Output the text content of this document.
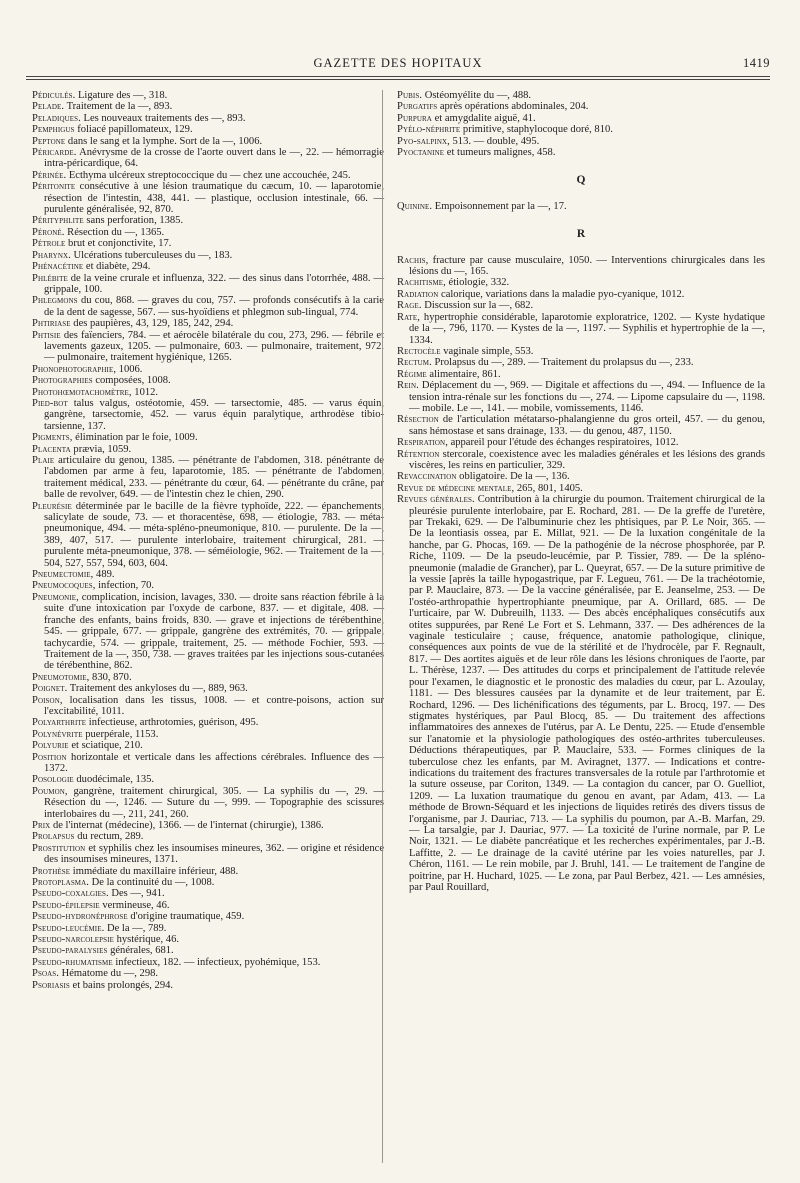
GAZETTE DES HOPITAUX	1419

Pédiculés. Ligature des —, 318.

Pelade. Traitement de la —, 893.

Peladiques. Les nouveaux traitements des —, 893.

Pemphigus foliacé papillomateux, 129.

Peptone dans le sang et la lymphe. Sort de la —, 1006.

Péricarde. Anévrysme de la crosse de l'aorte ouvert dans le —, 22. — hémorragie intra-péricardique, 64.

Périnée. Ecthyma ulcéreux streptococcique du — chez une accouchée, 245.

Péritonite consécutive à une lésion traumatique du cæcum, 10. — laparotomie, résection de l'intestin, 438, 441. — plastique, occlusion intestinale, 66. — purulente généralisée, 92, 870.

Pérityphlite sans perforation, 1385.

Péroné. Résection du —, 1365.

Pétrole brut et conjonctivite, 17.

Pharynx. Ulcérations tuberculeuses du —, 183.

Phénacétine et diabète, 294.

Phlébite de la veine crurale et influenza, 322. — des sinus dans l'otorrhée, 488. — grippale, 100.

Phlegmons du cou, 868. — graves du cou, 757. — profonds consécutifs à la carie de la dent de sagesse, 567. — sus-hyoïdiens et phlegmon sub-lingual, 774.

Phtiriase des paupières, 43, 129, 185, 242, 294.

Phtisie des faïenciers, 784. — et aérocèle bilatérale du cou, 273, 296. — fébrile et lavements gazeux, 1205. — pulmonaire, 603. — pulmonaire, traitement, 972. — pulmonaire, traitement hygiénique, 1265.

Phonophotographie, 1006.

Photographies composées, 1008.

Photohœmotachomètre, 1012.

Pied-bot talus valgus, ostéotomie, 459. — tarsectomie, 485. — varus équin, gangrène, tarsectomie, 452. — varus équin paralytique, arthrodèse tibio-tarsienne, 137.

Pigments, élimination par le foie, 1009.

Placenta prævia, 1059.

Plaie articulaire du genou, 1385. — pénétrante de l'abdomen, 318. pénétrante de l'abdomen par arme à feu, laparotomie, 185. — pénétrante de l'abdomen, traitement médical, 233. — pénétrante du cœur, 64. — pénétrante du crâne, par balle de revolver, 649. — de l'intestin chez le chien, 290.

Pleurésie déterminée par le bacille de la fièvre typhoïde, 222. — épanchements, salicylate de soude, 73. — et thoracentèse, 698, — étiologie, 783. — méta-pneumonique, 494. — méta-spléno-pneumonique, 810. — purulente. De la —, 389, 407, 517. — purulente interlobaire, traitement chirurgical, 281. — purulente méta-pneumonique, 378. — séméiologie, 962. — Traitement de la —, 504, 527, 557, 594, 603, 604.

Pneumectomie, 489.

Pneumocoques, infection, 70.

Pneumonie, complication, incision, lavages, 330. — droite sans réaction fébrile à la suite d'une intoxication par l'oxyde de carbone, 837. — et digitale, 408. — franche des enfants, bains froids, 830. — grave et injections de térébenthine, 545. — grippale, 677. — grippale, gangrène des extrémités, 70. — grippale, tachycardie, 574. — grippale, traitement, 25. — méthode Fochier, 593. — Traitement de la —, 350, 738. — graves traitées par les injections sous-cutanées de térébenthine, 862.

Pneumotomie, 830, 870.

Poignet. Traitement des ankyloses du —, 889, 963.

Poison, localisation dans les tissus, 1008. — et contre-poisons, action sur l'excitabilité, 1011.

Polyarthrite infectieuse, arthrotomies, guérison, 495.

Polynévrite puerpérale, 1153.

Polyurie et sciatique, 210.

Position horizontale et verticale dans les affections cérébrales. Influence des — 1372.

Posologie duodécimale, 135.

Poumon, gangrène, traitement chirurgical, 305. — La syphilis du —, 29. — Résection du —, 1246. — Suture du —, 999. — Topographie des scissures interlobaires du —, 211, 241, 260.

Prix de l'internat (médecine), 1366. — de l'internat (chirurgie), 1386.

Prolapsus du rectum, 289.

Prostitution et syphilis chez les insoumises mineures, 362. — origine et résidence des insoumises mineures, 1371.

Prothèse immédiate du maxillaire inférieur, 488.

Protoplasma. De la continuité du —, 1008.

Pseudo-coxalgies. Des —, 941.

Pseudo-épilepsie vermineuse, 46.

Pseudo-hydronéphrose d'origine traumatique, 459.

Pseudo-leucémie. De la —, 789.

Pseudo-narcolepsie hystérique, 46.

Pseudo-paralysies générales, 681.

Pseudo-rhumatisme infectieux, 182. — infectieux, pyohémique, 153.

Psoas. Hématome du —, 298.

Psoriasis et bains prolongés, 294.

Pubis. Ostéomyélite du —, 488.

Purgatifs après opérations abdominales, 204.

Purpura et amygdalite aiguë, 41.

Pyélo-néphrite primitive, staphylocoque doré, 810.

Pyo-salpinx, 513. — double, 495.

Pyoctanine et tumeurs malignes, 458.

Q

Quinine. Empoisonnement par la —, 17.

R

Rachis, fracture par cause musculaire, 1050. — Interventions chirurgicales dans les lésions du —, 165.

Rachitisme, étiologie, 332.

Radiation calorique, variations dans la maladie pyo-cyanique, 1012.

Rage. Discussion sur la —, 682.

Rate, hypertrophie considérable, laparotomie exploratrice, 1202. — Kyste hydatique de la —, 796, 1170. — Kystes de la —, 1197. — Syphilis et hypertrophie de la —, 1334.

Rectocèle vaginale simple, 553.

Rectum. Prolapsus du —, 289. — Traitement du prolapsus du —, 233.

Régime alimentaire, 861.

Rein. Déplacement du —, 969. — Digitale et affections du —, 494. — Influence de la tension intra-rénale sur les fonctions du —, 274. — Lipome capsulaire du —, 1198. — mobile. Le —, 141. — mobile, vomissements, 1146.

Résection de l'articulation métatarso-phalangienne du gros orteil, 457. — du genou, sans hémostase et sans drainage, 133. — du genou, 487, 1150.

Respiration, appareil pour l'étude des échanges respiratoires, 1012.

Rétention stercorale, coexistence avec les maladies générales et les lésions des grands viscères, les reins en particulier, 329.

Revaccination obligatoire. De la —, 136.

Revue de médecine mentale, 265, 801, 1405.

Revues générales. Contribution à la chirurgie du poumon. Traitement chirurgical de la pleurésie purulente interlobaire, par E. Rochard, 281. — De la greffe de l'uretère, par Trekaki, 629. — De l'albuminurie chez les phtisiques, par P. Le Noir, 365. — De la leontiasis ossea, par E. Millat, 921. — De la luxation congénitale de la hanche, par G. Phocas, 169. — De la pathogénie de la nécrose phosphorée, par P. Riche, 1109. — De la pseudo-leucémie, par P. Tissier, 789. — De la spléno-pneumonie (maladie de Grancher), par L. Queyrat, 657. — De la suture primitive de la vessie [après la taille hypogastrique, par F. Legueu, 761. — De la trachéotomie, par P. Mauclaire, 873. — De la vaccine généralisée, par E. Jeanselme, 253. — De l'ostéo-arthropathie hypertrophiante pneumique, par A. Orillard, 685. — De l'urticaire, par W. Dubreuilh, 1133. — Des abcès encéphaliques consécutifs aux otites suppurées, par René Le Fort et S. Lehmann, 337. — Des adhérences de la vaginale testiculaire ; cause, fréquence, anatomie pathologique, clinique, conséquences aux points de vue de la stérilité et de l'hydrocèle, par F. Regnault, 817. — Des aortites aiguës et de leur rôle dans les lésions chroniques de l'aorte, par L. Thérèse, 1237. — Des attitudes du corps et principalement de l'attitude relevée pour l'examen, le diagnostic et le pronostic des maladies du cœur, par L. Azoulay, 1181. — Des blessures causées par la dynamite et de leur traitement, par E. Rochard, 1296. — Des lichénifications des téguments, par L. Brocq, 197. — Des stigmates hystériques, par Paul Blocq, 85. — Du traitement des affections inflammatoires des annexes de l'utérus, par A. Le Dentu, 225. — Etude d'ensemble sur l'anatomie et la physiologie pathologiques des ostéo-arthrites tuberculeuses. Déductions thérapeutiques, par P. Mauclaire, 533. — Formes cliniques de la tuberculose chez les enfants, par M. Aviragnet, 1377. — Indications et contre-indications du traitement des fractures transversales de la rotule par l'arthrotomie et la suture osseuse, par Coriton, 1349. — La contagion du cancer, par O. Guelliot, 1209. — La luxation traumatique du genou en avant, par Adam, 413. — La méthode de Brown-Séquard et les injections de liquides retirés des divers tissus de l'organisme, par J. Dauriac, 713. — La syphilis du poumon, par A.-B. Marfan, 29. — La tarsalgie, par J. Dauriac, 977. — La toxicité de l'urine normale, par P. Le Noir, 1321. — Le diabète pancréatique et les recherches expérimentales, par J.-B. Laffitte, 2. — Le drainage de la cavité utérine par les voies naturelles, par J. Chéron, 1161. — Le rein mobile, par J. Bruhl, 141. — Le traitement de l'angine de poitrine, par H. Huchard, 1025. — Le zona, par Paul Berbez, 421. — Les amnésies, par Paul Rouillard,
